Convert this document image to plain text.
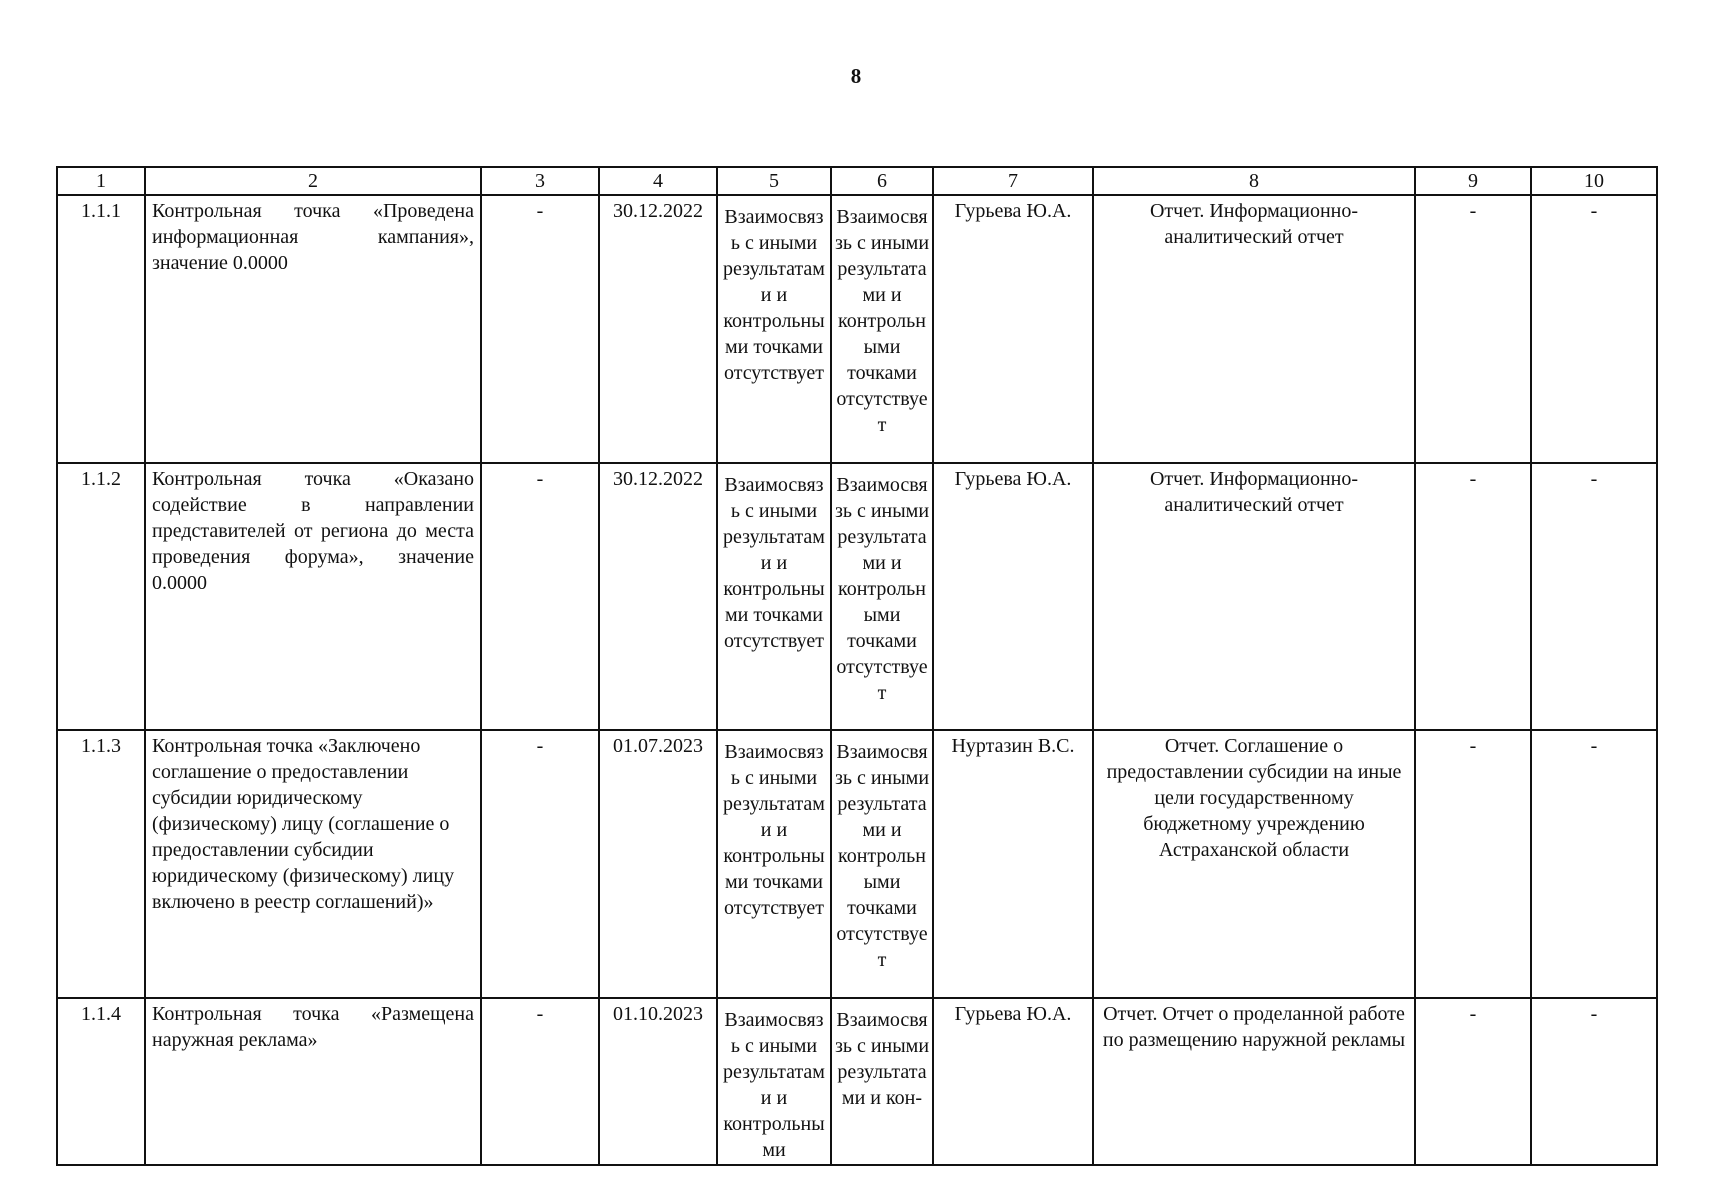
8
1	2	3	4	5	6	7	8	9	10
1.1.1	Контрольная точка «Проведена информационная кампания», значение 0.0000	-	30.12.2022	Взаимосвязь с иными результатами и контрольными точками отсутствует	Взаимосвязь с иными результатами и контрольными точками отсутствует	Гурьева Ю.А.	Отчет. Информационно-аналитический отчет	-	-
1.1.2	Контрольная точка «Оказано содействие в направлении представителей от региона до места проведения форума», значение 0.0000	-	30.12.2022	Взаимосвязь с иными результатами и контрольными точками отсутствует	Взаимосвязь с иными результатами и контрольными точками отсутствует	Гурьева Ю.А.	Отчет. Информационно-аналитический отчет	-	-
1.1.3	Контрольная точка «Заключено соглашение о предоставлении субсидии юридическому (физическому) лицу (соглашение о предоставлении субсидии юридическому (физическому) лицу включено в реестр соглашений)»	-	01.07.2023	Взаимосвязь с иными результатами и контрольными точками отсутствует	Взаимосвязь с иными результатами и контрольными точками отсутствует	Нуртазин В.С.	Отчет. Соглашение о предоставлении субсидии на иные цели государственному бюджетному учреждению Астраханской области	-	-
1.1.4	Контрольная точка «Размещена наружная реклама»	-	01.10.2023	Взаимосвязь с иными результатами и контрольными	Взаимосвязь с иными результатами и кон-	Гурьева Ю.А.	Отчет. Отчет о проделанной работе по размещению наружной рекламы	-	-
